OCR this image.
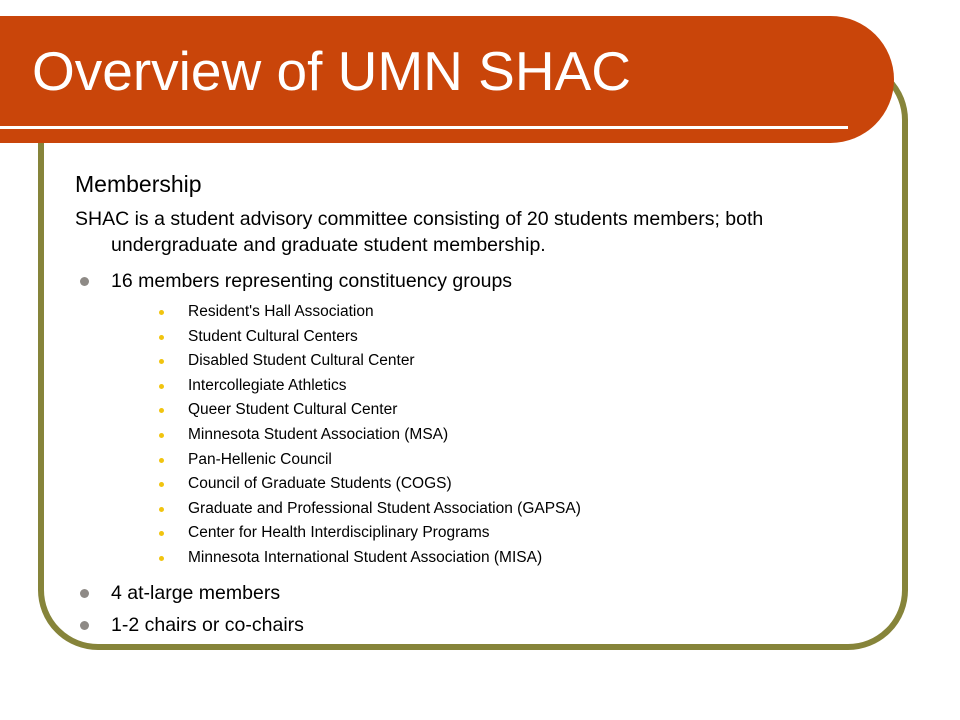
Overview of UMN SHAC

Membership

SHAC is a student advisory committee consisting of 20 students members; both undergraduate and graduate student membership.

16 members representing constituency groups
Resident's Hall Association
Student Cultural Centers
Disabled Student Cultural Center
Intercollegiate Athletics
Queer Student Cultural Center
Minnesota Student Association (MSA)
Pan-Hellenic Council
Council of Graduate Students (COGS)
Graduate and Professional Student Association (GAPSA)
Center for Health Interdisciplinary Programs
Minnesota International Student Association (MISA)
4 at-large members
1-2 chairs or co-chairs
